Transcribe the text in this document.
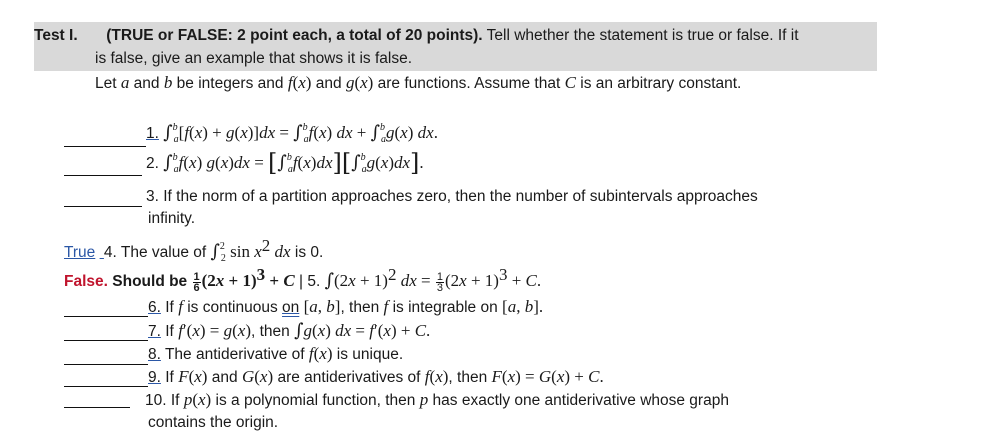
Test I. (TRUE or FALSE: 2 point each, a total of 20 points). Tell whether the statement is true or false. If it
is false, give an example that shows it is false.
Let a and b be integers and f(x) and g(x) are functions. Assume that C is an arbitrary constant.
1. ∫$^b_a$[f(x) + g(x)]dx = ∫$^b_a$f(x) dx + ∫$^b_a$g(x) dx.
2. ∫$^b_a$f(x) g(x)dx = [∫$^b_a$f(x)dx][∫$^b_a$g(x)dx].
3. If the norm of a partition approaches zero, then the number of subintervals approaches
infinity.
True 4. The value of ∫$^2_2$ $\sin x^2$ dx is 0.
False. Should be $\frac{1}{6} (2x + 1)^3 + C$ | 5. $\int(2x + 1)^2$ dx = $\frac{1}{3} (2x + 1)^3 + C$.
6. If f is continuous on [a, b], then f is integrable on [a, b].
7. If f′(x) = g(x), then ∫g(x) dx = f′(x) + C.
8. The antiderivative of f(x) is unique.
9. If F(x) and G(x) are antiderivatives of f(x), then F(x) = G(x) + C.
10. If p(x) is a polynomial function, then p has exactly one antiderivative whose graph
contains the origin.
